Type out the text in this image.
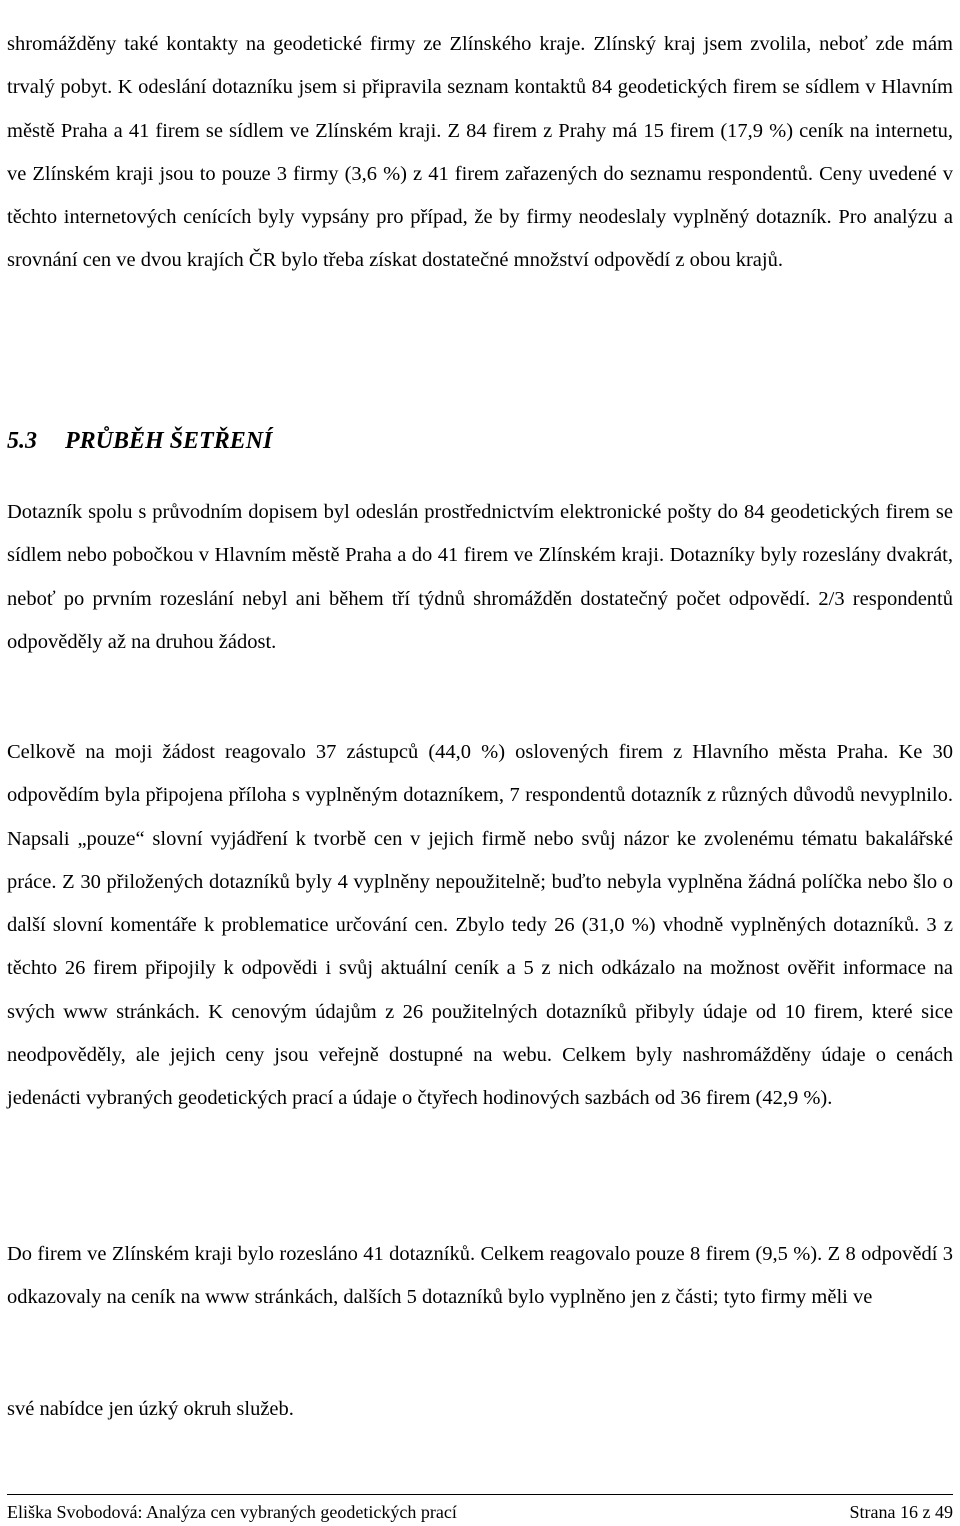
shromážděny také kontakty na geodetické firmy ze Zlínského kraje. Zlínský kraj jsem zvolila, neboť zde mám trvalý pobyt. K odeslání dotazníku jsem si připravila seznam kontaktů 84 geodetických firem se sídlem v Hlavním městě Praha a 41 firem se sídlem ve Zlínském kraji. Z 84 firem z Prahy má 15 firem (17,9 %) ceník na internetu, ve Zlínském kraji jsou to pouze 3 firmy (3,6 %) z 41 firem zařazených do seznamu respondentů. Ceny uvedené v těchto internetových cenících byly vypsány pro případ, že by firmy neodeslaly vyplněný dotazník. Pro analýzu a srovnání cen ve dvou krajích ČR bylo třeba získat dostatečné množství odpovědí z obou krajů.

5.3 PRŮBĚH ŠETŘENÍ

Dotazník spolu s průvodním dopisem byl odeslán prostřednictvím elektronické pošty do 84 geodetických firem se sídlem nebo pobočkou v Hlavním městě Praha a do 41 firem ve Zlínském kraji. Dotazníky byly rozeslány dvakrát, neboť po prvním rozeslání nebyl ani během tří týdnů shromážděn dostatečný počet odpovědí. 2/3 respondentů odpověděly až na druhou žádost.

Celkově na moji žádost reagovalo 37 zástupců (44,0 %) oslovených firem z Hlavního města Praha. Ke 30 odpovědím byla připojena příloha s vyplněným dotazníkem, 7 respondentů dotazník z různých důvodů nevyplnilo. Napsali „pouze“ slovní vyjádření k tvorbě cen v jejich firmě nebo svůj názor ke zvolenému tématu bakalářské práce. Z 30 přiložených dotazníků byly 4 vyplněny nepoužitelně; buďto nebyla vyplněna žádná políčka nebo šlo o další slovní komentáře k problematice určování cen. Zbylo tedy 26 (31,0 %) vhodně vyplněných dotazníků. 3 z těchto 26 firem připojily k odpovědi i svůj aktuální ceník a 5 z nich odkázalo na možnost ověřit informace na svých www stránkách. K cenovým údajům z 26 použitelných dotazníků přibyly údaje od 10 firem, které sice neodpověděly, ale jejich ceny jsou veřejně dostupné na webu. Celkem byly nashromážděny údaje o cenách jedenácti vybraných geodetických prací a údaje o čtyřech hodinových sazbách od 36 firem (42,9 %).

Do firem ve Zlínském kraji bylo rozesláno 41 dotazníků. Celkem reagovalo pouze 8 firem (9,5 %). Z 8 odpovědí 3 odkazovaly na ceník na www stránkách, dalších 5 dotazníků bylo vyplněno jen z části; tyto firmy měli ve

své nabídce jen úzký okruh služeb.

Eliška Svobodová: Analýza cen vybraných geodetických prací	Strana 16 z 49
